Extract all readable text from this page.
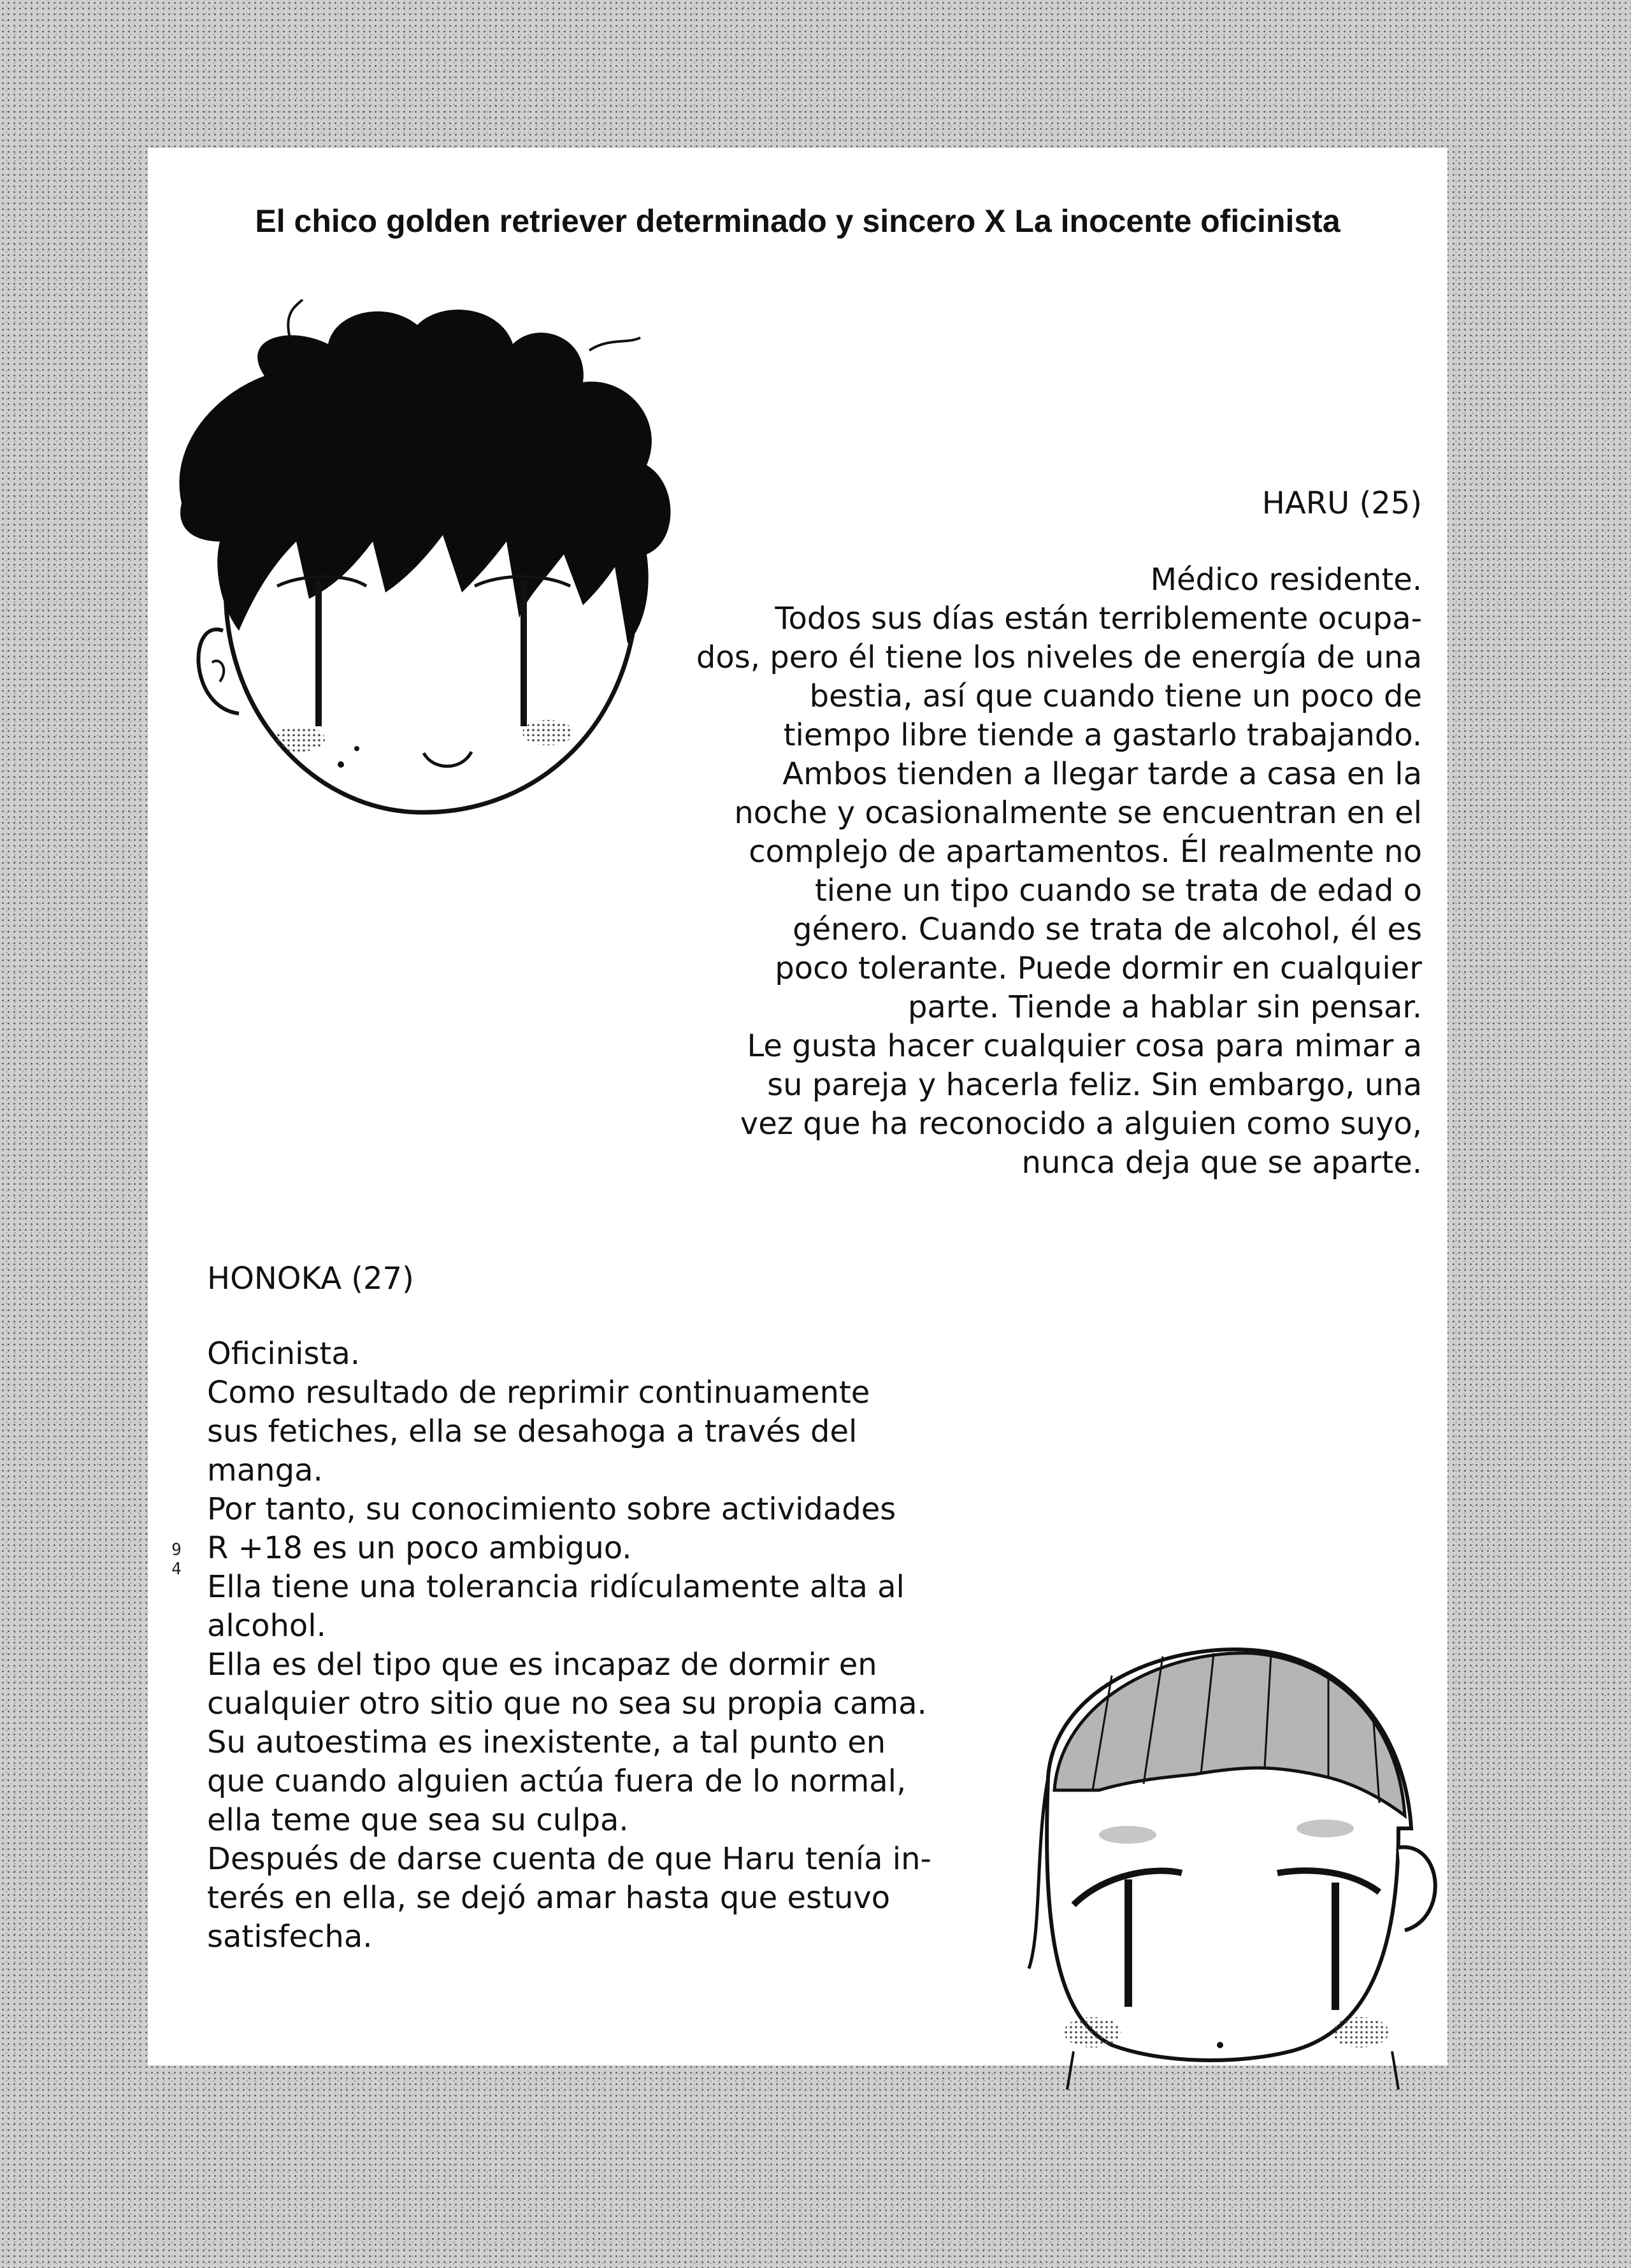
El chico golden retriever determinado y sincero X La inocente oficinista

HARU (25)

Médico residente.
Todos sus días están terriblemente ocupa-
dos, pero él tiene los niveles de energía de una
bestia, así que cuando tiene un poco de
tiempo libre tiende a gastarlo trabajando.
Ambos tienden a llegar tarde a casa en la
noche y ocasionalmente se encuentran en el
complejo de apartamentos. Él realmente no
tiene un tipo cuando se trata de edad o
género. Cuando se trata de alcohol, él es
poco tolerante. Puede dormir en cualquier
parte. Tiende a hablar sin pensar.
Le gusta hacer cualquier cosa para mimar a
su pareja y hacerla feliz. Sin embargo, una
vez que ha reconocido a alguien como suyo,
nunca deja que se aparte.

HONOKA (27)

Oficinista.
Como resultado de reprimir continuamente
sus fetiches, ella se desahoga a través del
manga.
Por tanto, su conocimiento sobre actividades
R +18 es un poco ambiguo.
Ella tiene una tolerancia ridículamente alta al
alcohol.
Ella es del tipo que es incapaz de dormir en
cualquier otro sitio que no sea su propia cama.
Su autoestima es inexistente, a tal punto en
que cuando alguien actúa fuera de lo normal,
ella teme que sea su culpa.
Después de darse cuenta de que Haru tenía in-
terés en ella, se dejó amar hasta que estuvo
satisfecha.
9
4
